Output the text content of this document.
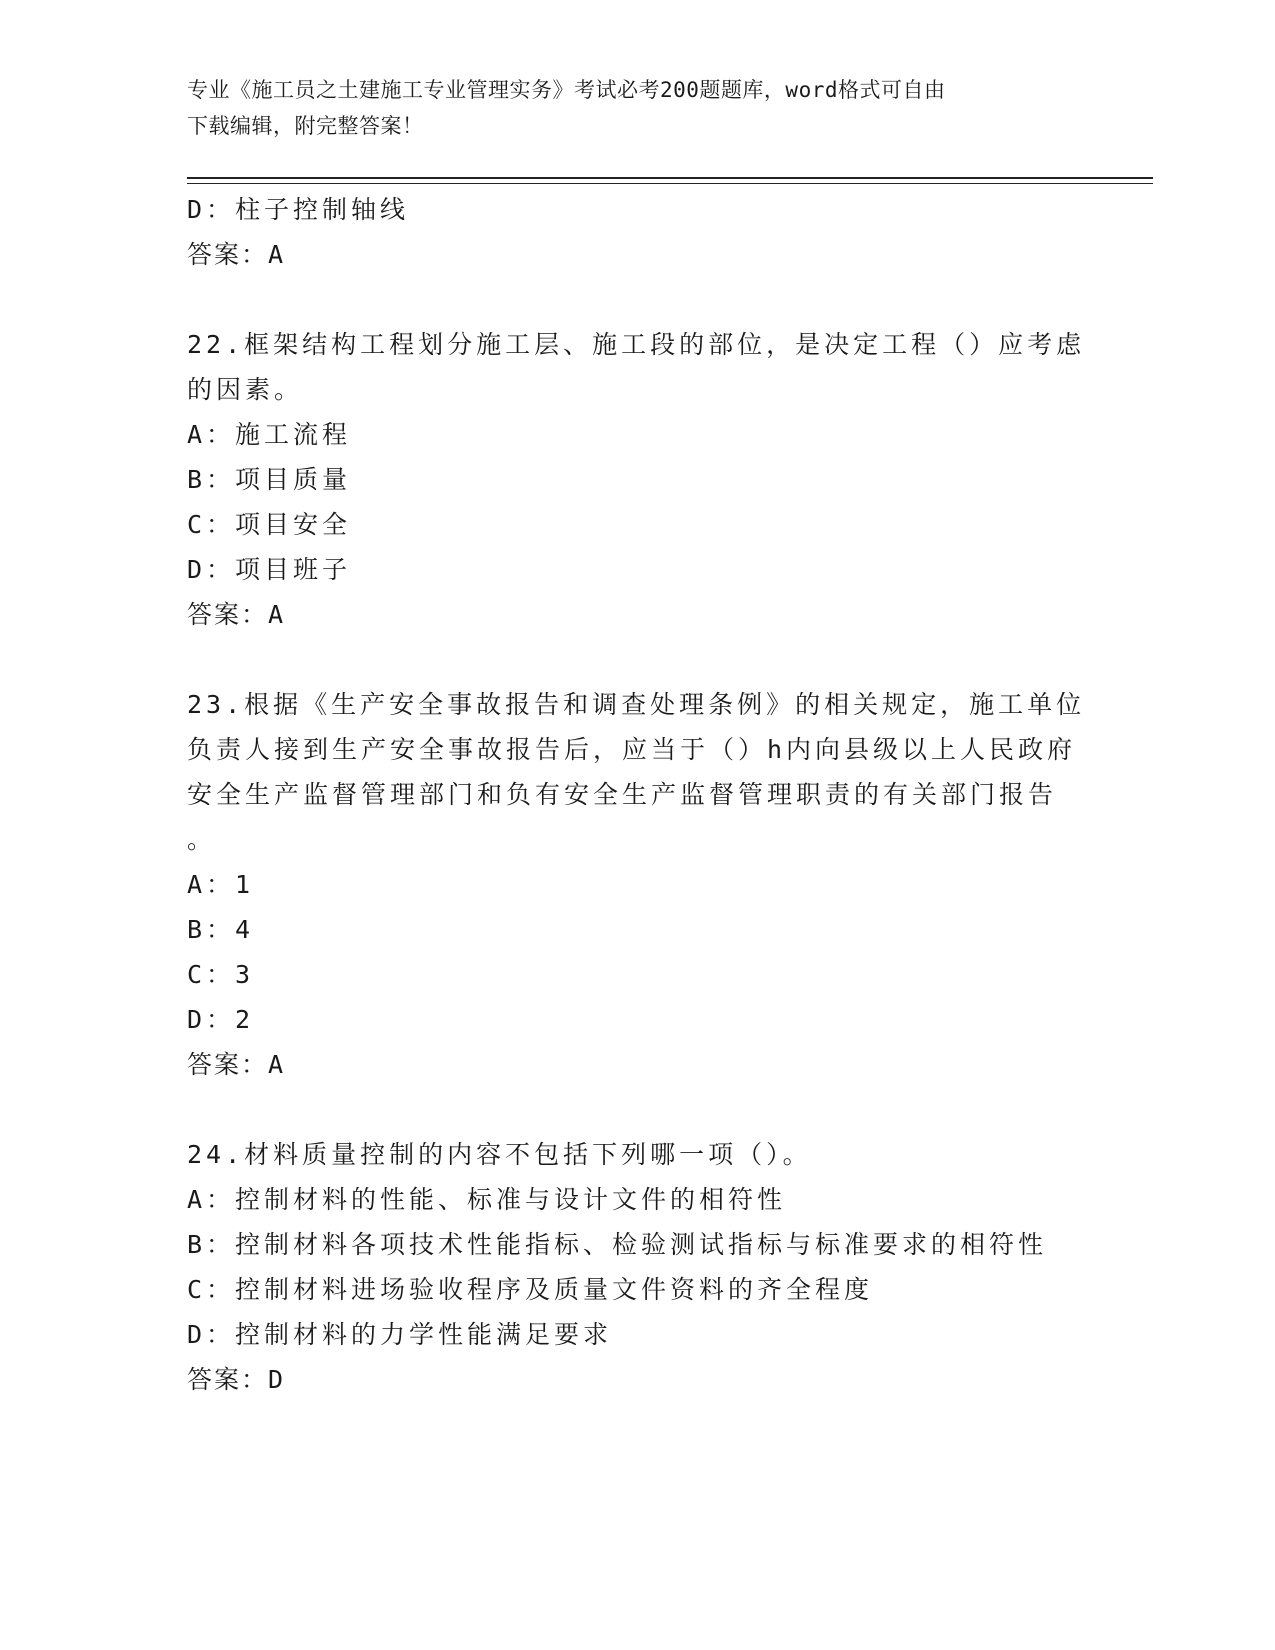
专业《施工员之土建施工专业管理实务》考试必考200题题库，word格式可自由
下载编辑，附完整答案！
D：柱子控制轴线
答案：A
22.框架结构工程划分施工层、施工段的部位，是决定工程（）应考虑
的因素。
A：施工流程
B：项目质量
C：项目安全
D：项目班子
答案：A
23.根据《生产安全事故报告和调查处理条例》的相关规定，施工单位
负责人接到生产安全事故报告后，应当于（）h内向县级以上人民政府
安全生产监督管理部门和负有安全生产监督管理职责的有关部门报告
。
A：1
B：4
C：3
D：2
答案：A
24.材料质量控制的内容不包括下列哪一项（）。
A：控制材料的性能、标准与设计文件的相符性
B：控制材料各项技术性能指标、检验测试指标与标准要求的相符性
C：控制材料进场验收程序及质量文件资料的齐全程度
D：控制材料的力学性能满足要求
答案：D
